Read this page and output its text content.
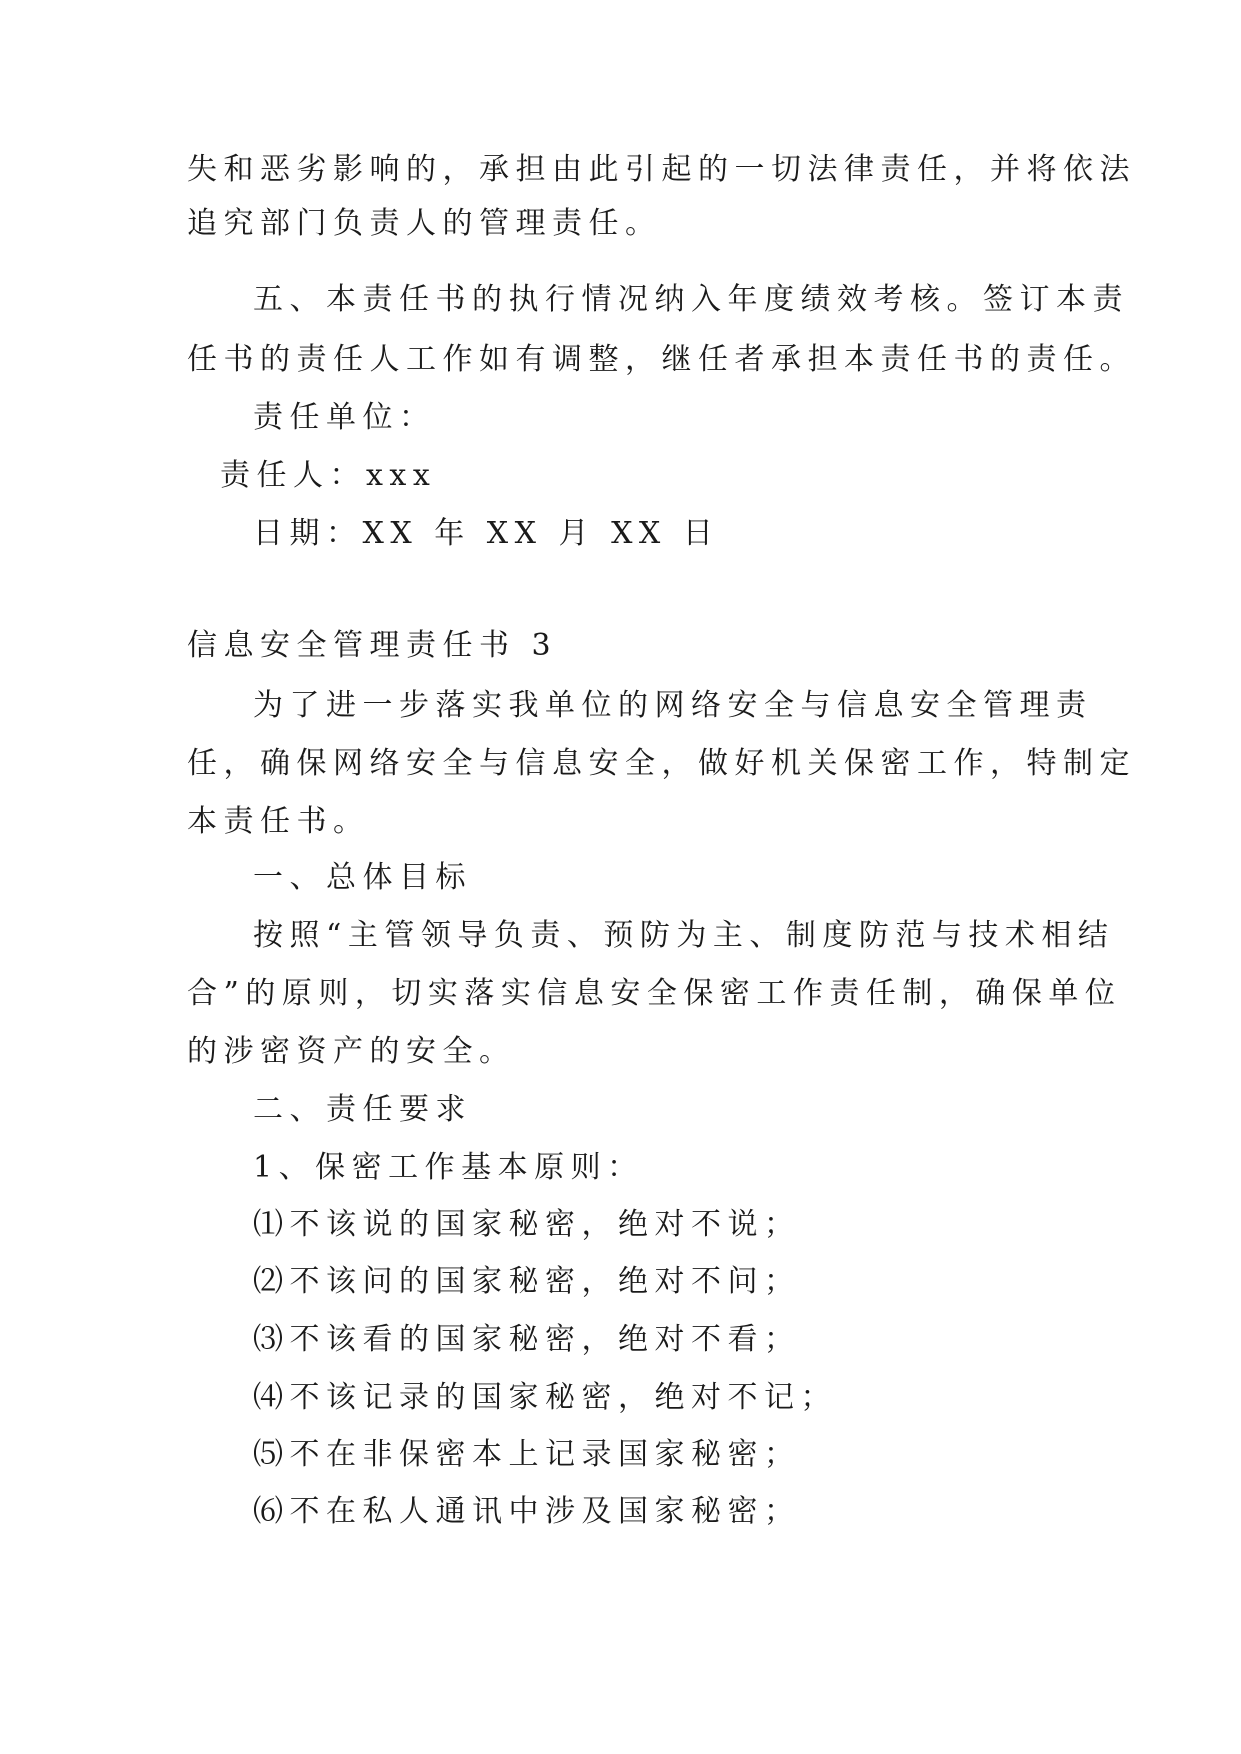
失和恶劣影响的，承担由此引起的一切法律责任，并将依法
追究部门负责人的管理责任。
五、本责任书的执行情况纳入年度绩效考核。签订本责
任书的责任人工作如有调整，继任者承担本责任书的责任。
责任单位：
责任人：xxx
日期：XX 年 XX 月 XX 日
信息安全管理责任书 3
为了进一步落实我单位的网络安全与信息安全管理责
任，确保网络安全与信息安全，做好机关保密工作，特制定
本责任书。
一、总体目标
按照“主管领导负责、预防为主、制度防范与技术相结
合”的原则，切实落实信息安全保密工作责任制，确保单位
的涉密资产的安全。
二、责任要求
1、保密工作基本原则：
⑴不该说的国家秘密，绝对不说；
⑵不该问的国家秘密，绝对不问；
⑶不该看的国家秘密，绝对不看；
⑷不该记录的国家秘密，绝对不记；
⑸不在非保密本上记录国家秘密；
⑹不在私人通讯中涉及国家秘密；
